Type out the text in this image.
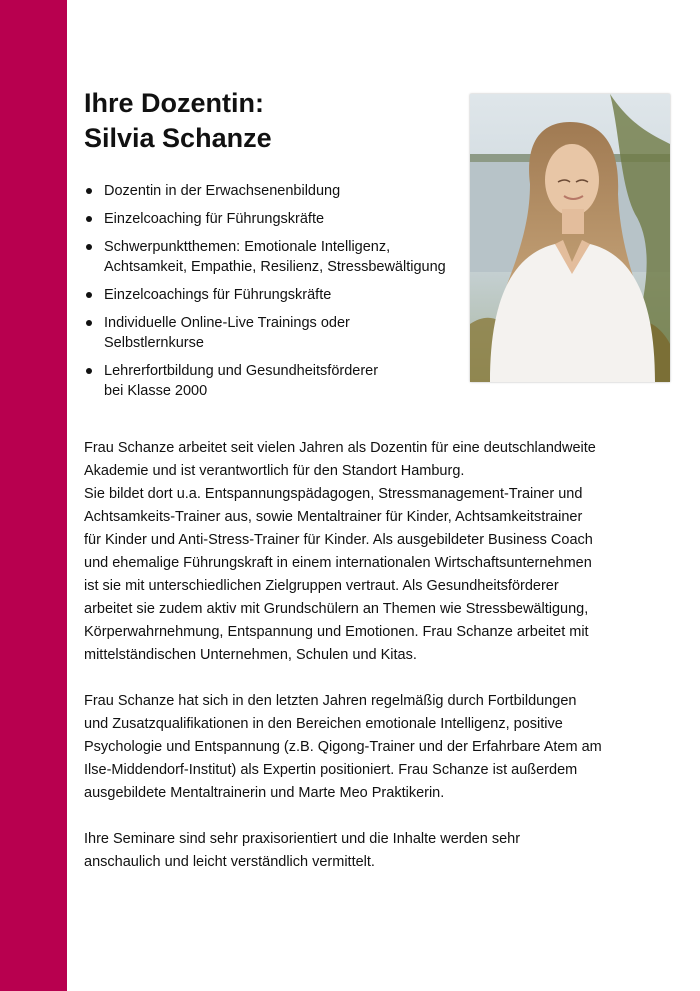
Ihre Dozentin:
Silvia Schanze
Dozentin in der Erwachsenenbildung
Einzelcoaching für Führungskräfte
Schwerpunktthemen: Emotionale Intelligenz,
Achtsamkeit, Empathie, Resilienz, Stressbewältigung
Einzelcoachings für Führungskräfte
Individuelle Online-Live Trainings oder
Selbstlernkurse
Lehrerfortbildung und Gesundheitsförderer
bei Klasse 2000

Frau Schanze arbeitet seit vielen Jahren als Dozentin für eine deutschlandweite
Akademie und ist verantwortlich für den Standort Hamburg.
Sie bildet dort u.a. Entspannungspädagogen, Stressmanagement-Trainer und
Achtsamkeits-Trainer aus, sowie Mentaltrainer für Kinder, Achtsamkeitstrainer
für Kinder und Anti-Stress-Trainer für Kinder. Als ausgebildeter Business Coach
und ehemalige Führungskraft in einem internationalen Wirtschaftsunternehmen
ist sie mit unterschiedlichen Zielgruppen vertraut. Als Gesundheitsförderer
arbeitet sie zudem aktiv mit Grundschülern an Themen wie Stressbewältigung,
Körperwahrnehmung, Entspannung und Emotionen. Frau Schanze arbeitet mit
mittelständischen Unternehmen, Schulen und Kitas.

Frau Schanze hat sich in den letzten Jahren regelmäßig durch Fortbildungen
und Zusatzqualifikationen in den Bereichen emotionale Intelligenz, positive
Psychologie und Entspannung (z.B. Qigong-Trainer und der Erfahrbare Atem am
Ilse-Middendorf-Institut) als Expertin positioniert. Frau Schanze ist außerdem
ausgebildete Mentaltrainerin und Marte Meo Praktikerin.

Ihre Seminare sind sehr praxisorientiert und die Inhalte werden sehr
anschaulich und leicht verständlich vermittelt.
